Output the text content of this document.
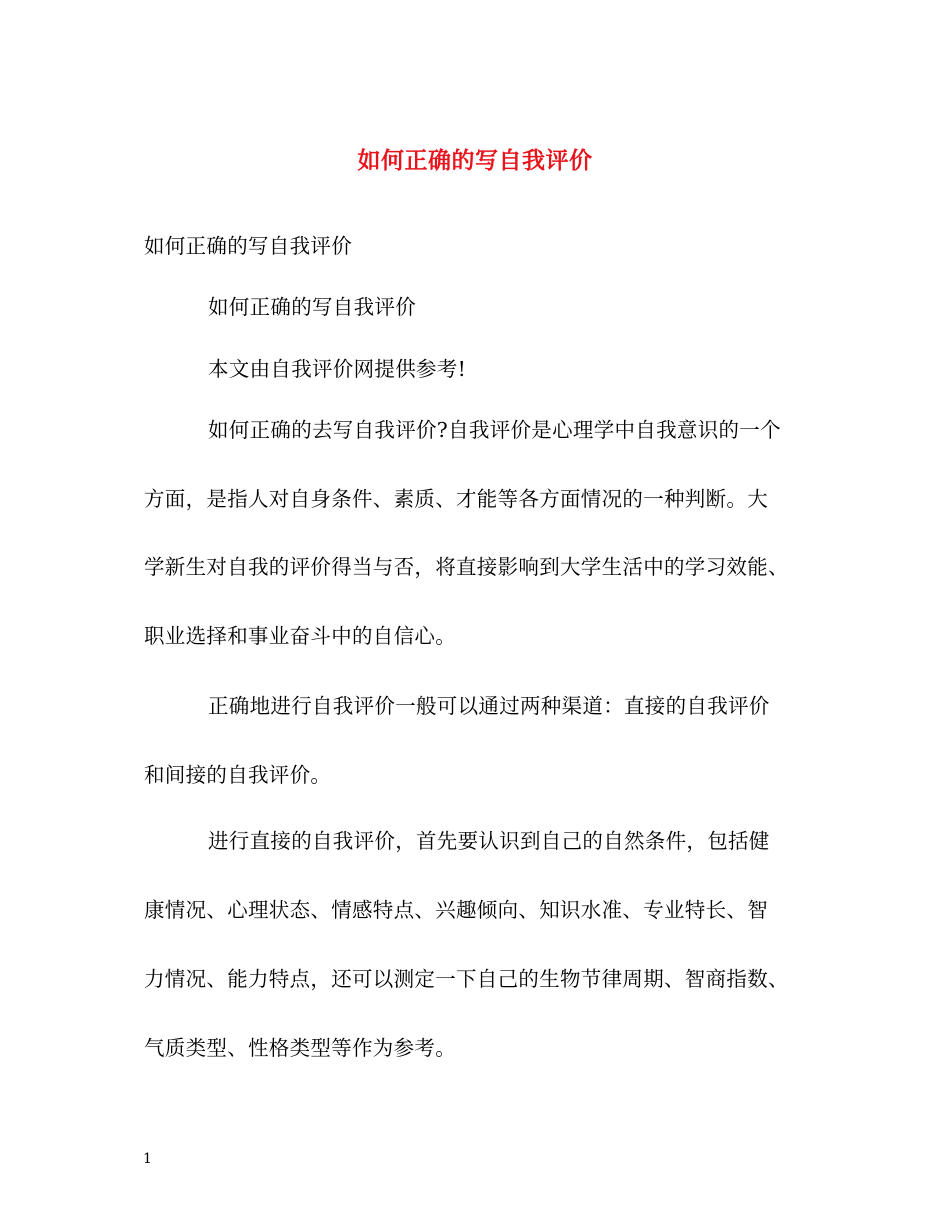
如何正确的写自我评价
如何正确的写自我评价
如何正确的写自我评价
本文由自我评价网提供参考!
如何正确的去写自我评价?自我评价是心理学中自我意识的一个
方面，是指人对自身条件、素质、才能等各方面情况的一种判断。大
学新生对自我的评价得当与否，将直接影响到大学生活中的学习效能、
职业选择和事业奋斗中的自信心。
正确地进行自我评价一般可以通过两种渠道：直接的自我评价
和间接的自我评价。
进行直接的自我评价，首先要认识到自己的自然条件，包括健
康情况、心理状态、情感特点、兴趣倾向、知识水准、专业特长、智
力情况、能力特点，还可以测定一下自己的生物节律周期、智商指数、
气质类型、性格类型等作为参考。
1
